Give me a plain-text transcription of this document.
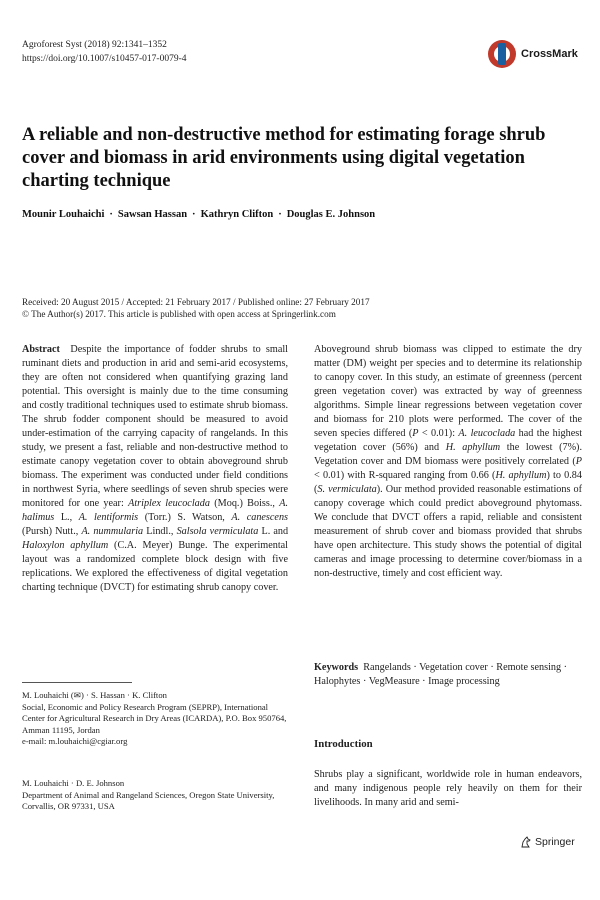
Agroforest Syst (2018) 92:1341–1352
https://doi.org/10.1007/s10457-017-0079-4	CrossMark
A reliable and non-destructive method for estimating forage shrub cover and biomass in arid environments using digital vegetation charting technique
Mounir Louhaichi · Sawsan Hassan · Kathryn Clifton · Douglas E. Johnson
Received: 20 August 2015 / Accepted: 21 February 2017 / Published online: 27 February 2017
© The Author(s) 2017. This article is published with open access at Springerlink.com
Abstract Despite the importance of fodder shrubs to small ruminant diets and production in arid and semi-arid ecosystems, they are often not considered when quantifying grazing land potential. This oversight is mainly due to the time consuming and costly traditional techniques used to estimate shrub biomass. The shrub fodder component should be measured to avoid under-estimation of the carrying capacity of rangelands. In this study, we present a fast, reliable and non-destructive method to estimate canopy vegetation cover to obtain aboveground shrub biomass. The experiment was conducted under field conditions in northwest Syria, where seedlings of seven shrub species were monitored for one year: Atriplex leucoclada (Moq.) Boiss., A. halimus L., A. lentiformis (Torr.) S. Watson, A. canescens (Pursh) Nutt., A. nummularia Lindl., Salsola vermiculata L. and Haloxylon aphyllum (C.A. Meyer) Bunge. The experimental layout was a randomized complete block design with five replications. We explored the effectiveness of digital vegetation charting technique (DVCT) for estimating shrub canopy cover.
M. Louhaichi (✉) · S. Hassan · K. Clifton
Social, Economic and Policy Research Program (SEPRP), International Center for Agricultural Research in Dry Areas (ICARDA), P.O. Box 950764, Amman 11195, Jordan
e-mail: m.louhaichi@cgiar.org
M. Louhaichi · D. E. Johnson
Department of Animal and Rangeland Sciences, Oregon State University, Corvallis, OR 97331, USA
Aboveground shrub biomass was clipped to estimate the dry matter (DM) weight per species and to determine its relationship to canopy cover. In this study, an estimate of greenness (percent green vegetation cover) was extracted by way of greenness algorithms. Simple linear regressions between vegetation cover and biomass for 210 plots were performed. The cover of the seven species differed (P < 0.01): A. leucoclada had the highest vegetation cover (56%) and H. aphyllum the lowest (7%). Vegetation cover and DM biomass were positively correlated (P < 0.01) with R-squared ranging from 0.66 (H. aphyllum) to 0.84 (S. vermiculata). Our method provided reasonable estimations of canopy coverage which could predict aboveground phytomass. We conclude that DVCT offers a rapid, reliable and consistent measurement of shrub cover and biomass provided that shrubs have open architecture. This study shows the potential of digital cameras and image processing to determine cover/biomass in a non-destructive, timely and cost efficient way.
Keywords Rangelands · Vegetation cover · Remote sensing · Halophytes · VegMeasure · Image processing
Introduction
Shrubs play a significant, worldwide role in human endeavors, and many indigenous people rely heavily on them for their livelihoods. In many arid and semi-
Springer
